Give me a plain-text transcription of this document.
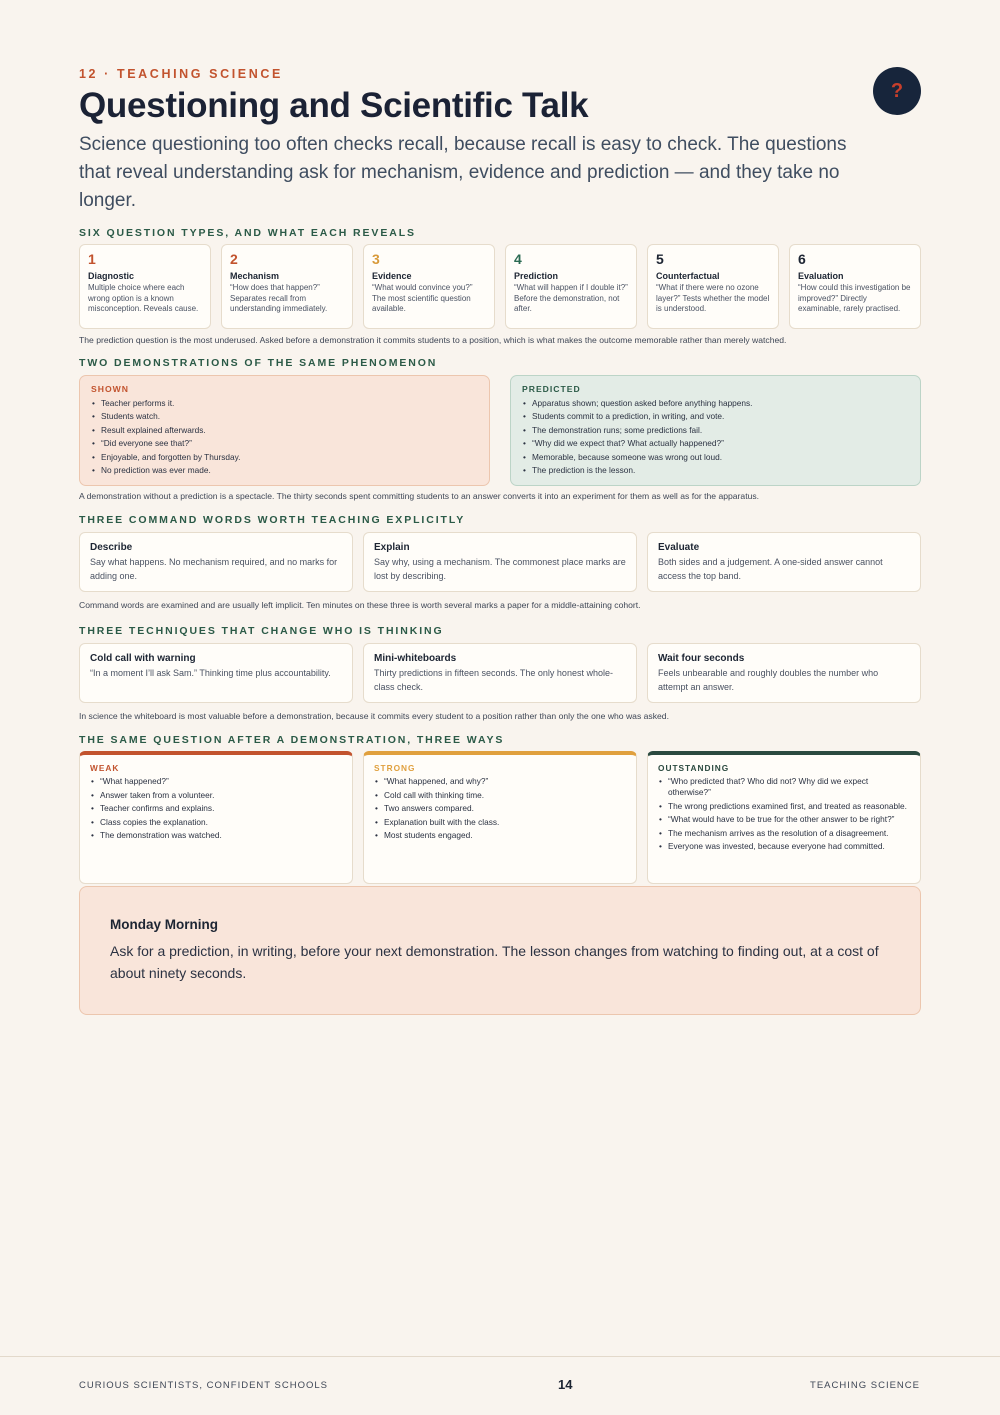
12 · TEACHING SCIENCE
Questioning and Scientific Talk	?

Science questioning too often checks recall, because recall is easy to check. The questions that reveal understanding ask for mechanism, evidence and prediction — and they take no longer.

SIX QUESTION TYPES, AND WHAT EACH REVEALS
1
Diagnostic
Multiple choice where each wrong option is a known misconception. Reveals cause.
2
Mechanism
“How does that happen?” Separates recall from understanding immediately.
3
Evidence
“What would convince you?” The most scientific question available.
4
Prediction
“What will happen if I double it?” Before the demonstration, not after.
5
Counterfactual
“What if there were no ozone layer?” Tests whether the model is understood.
6
Evaluation
“How could this investigation be improved?” Directly examinable, rarely practised.
The prediction question is the most underused. Asked before a demonstration it commits students to a position, which is what makes the outcome memorable rather than merely watched.
TWO DEMONSTRATIONS OF THE SAME PHENOMENON
SHOWN
• Teacher performs it.
• Students watch.
• Result explained afterwards.
• “Did everyone see that?”
• Enjoyable, and forgotten by Thursday.
• No prediction was ever made.
PREDICTED
• Apparatus shown; question asked before anything happens.
• Students commit to a prediction, in writing, and vote.
• The demonstration runs; some predictions fail.
• “Why did we expect that? What actually happened?”
• Memorable, because someone was wrong out loud.
• The prediction is the lesson.
A demonstration without a prediction is a spectacle. The thirty seconds spent committing students to an answer converts it into an experiment for them as well as for the apparatus.
THREE COMMAND WORDS WORTH TEACHING EXPLICITLY
Describe
Say what happens. No mechanism required, and no marks for adding one.
Explain
Say why, using a mechanism. The commonest place marks are lost by describing.
Evaluate
Both sides and a judgement. A one-sided answer cannot access the top band.
Command words are examined and are usually left implicit. Ten minutes on these three is worth several marks a paper for a middle-attaining cohort.
THREE TECHNIQUES THAT CHANGE WHO IS THINKING
Cold call with warning
“In a moment I’ll ask Sam.” Thinking time plus accountability.
Mini-whiteboards
Thirty predictions in fifteen seconds. The only honest whole-class check.
Wait four seconds
Feels unbearable and roughly doubles the number who attempt an answer.
In science the whiteboard is most valuable before a demonstration, because it commits every student to a position rather than only the one who was asked.
THE SAME QUESTION AFTER A DEMONSTRATION, THREE WAYS
WEAK
• “What happened?”
• Answer taken from a volunteer.
• Teacher confirms and explains.
• Class copies the explanation.
• The demonstration was watched.
STRONG
• “What happened, and why?”
• Cold call with thinking time.
• Two answers compared.
• Explanation built with the class.
• Most students engaged.
OUTSTANDING
• “Who predicted that? Who did not? Why did we expect otherwise?”
• The wrong predictions examined first, and treated as reasonable.
• “What would have to be true for the other answer to be right?”
• The mechanism arrives as the resolution of a disagreement.
• Everyone was invested, because everyone had committed.
Monday Morning

Ask for a prediction, in writing, before your next demonstration. The lesson changes from watching to finding out, at a cost of about ninety seconds.

CURIOUS SCIENTISTS, CONFIDENT SCHOOLS	14	TEACHING SCIENCE
